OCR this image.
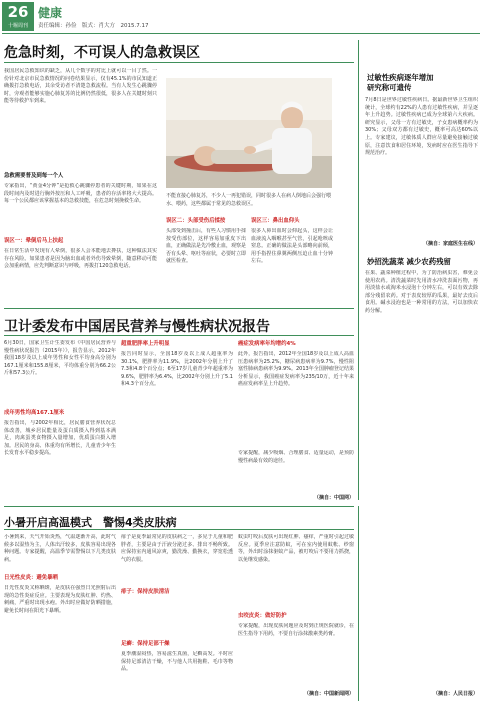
26
十堰周刊
健康
责任编辑：孙俭　版式：肖大方　2015.7.17
危急时刻，不可误人的急救误区
我国居民急救知识的缺乏，从几个数字的对比上就可以一目了然。一份针对北京市民急救情况的问卷结果显示，仅有45.1%的市民知道正确拨打急救电话，其余受访者不清楚急救流程。当有人发生心跳骤停时，旁观者能够实施心肺复苏的比例仍然很低，很多人在关键时刻只能等待救护车到来。
急救需要普及到每一个人
专家指出，“黄金4分钟”是抢救心跳骤停患者的关键时期，如果在这段时间内及时进行胸外按压和人工呼吸，患者的存活率将大大提高。每一个公民都应该掌握基本的急救技能，在危急时刻挽救生命。
误区一：晕倒后马上扶起
在日常生活中发现有人晕倒，很多人会本能地去搀扶，这种做法其实存在风险。如果患者是因为脑出血或者外伤导致晕倒，随意移动可能会加重病情，应先判断意识与呼吸，再拨打120急救电话。
不能直接心肺复苏，不少人一再犯错误，同时很多人在病人倒地后会强行喂水、喂药，这些都属于常见的急救误区。
误区二：头部受伤后揉按
头部受到撞击后，有些人习惯用手揉按受伤部位，这样容易加重皮下出血，正确做法是先冷敷止血，观察是否有头晕、呕吐等症状，必要时立即就医检查。
误区三：鼻出血仰头
很多人鼻出血时会仰起头，这样会让血液流入咽喉甚至气管，引起呛咳或窒息。正确的做法是头部略向前倾，用手指捏住鼻翼两侧压迫止血十分钟左右。
过敏性疾病逐年增加
研究称可遗传
7月8日是世界过敏性疾病日。据最新世界卫生组织统计，全球约有22%的人患有过敏性疾病，并呈逐年上升趋势。过敏性疾病已成为全球第六大疾病。研究显示，父母一方有过敏史，子女患病概率约为30%；父母双方都有过敏史，概率可高达60%以上。专家建议，过敏体质人群应尽量避免接触过敏原，注意饮食和居住环境，发病时应在医生指导下规范治疗。
（摘自：家庭医生在线）
妙招洗蔬菜 减少农药残留
在果、蔬菜种植过程中，为了防治病虫害，难免会使用农药。清洗蔬菜时先用清水冲洗表面污物，再用淡盐水或淘米水浸泡十分钟左右，可以有效去除部分残留农药。对于表皮较厚的瓜果，最好去皮后食用。碱水浸泡也是一种常用的方法，可以加快农药分解。
（摘自：人民日报）
卫计委发布中国居民营养与慢性病状况报告
6月30日，国家卫生计生委发布《中国居民营养与慢性病状况报告（2015年）》，报告显示，2012年我国18岁及以上成年男性和女性平均身高分别为167.1厘米和155.8厘米，平均体重分别为66.2公斤和57.3公斤。
成年男性均高167.1厘米
报告指出，与2002年相比，居民膳食营养状况总体改善，城乡居民能量及蛋白质摄入得到基本满足，肉禽蛋类食物摄入量增加，优质蛋白摄入增加。居民的身高、体重均有所增长，儿童青少年生长发育水平稳步提高。
超重肥胖率上升明显
报告同时显示，全国18岁及以上成人超重率为30.1%，肥胖率为11.9%，比2002年分别上升了7.3和4.8个百分点；6至17岁儿童青少年超重率为9.6%，肥胖率为6.4%，比2002年分别上升了5.1和4.3个百分点。
癌症发病率年均增约4%
此外，报告指出，2012年全国18岁及以上成人高血压患病率为25.2%，糖尿病患病率为9.7%，慢性阻塞性肺病患病率为9.9%。2013年全国肿瘤登记结果分析显示，我国癌症发病率为235/10万，近十年来癌症发病率呈上升趋势。
专家提醒，减少吸烟、合理膳食、适量运动，是预防慢性病最有效的途径。
（摘自：中国网）
小暑开启高温模式　警惕4类皮肤病
小暑到来，天气开始炎热，气温逐渐升高，此时气候多以湿热为主，人体出汗较多，皮肤容易出现各种问题。专家提醒，高温季节需警惕以下几类皮肤病。
日光性皮炎：避免暴晒
日光性皮炎又称晒斑，是皮肤在强烈日光照射后出现的急性炎症反应。主要表现为皮肤红肿、灼热、刺痛，严重时出现水疱。外出时应做好防晒措施，避免长时间在阳光下暴晒。
痱子是夏季最常见的皮肤病之一，多见于儿童和肥胖者，主要是由于汗液分泌过多、排出不畅所致。应保持室内通风凉爽，勤洗澡、勤换衣，穿宽松透气的衣服。
痱子：保持皮肤清洁
足癣：保持足部干燥
夏季潮湿闷热，容易滋生真菌，足癣高发。平时应保持足部清洁干燥，不与他人共用拖鞋、毛巾等物品。
蚊虫叮咬后皮肤可出现红肿、瘙痒，严重时引起过敏反应。夏季应注意防蚊，可在室内使用蚊帐、纱窗等，外出时涂抹驱蚊产品，被叮咬后不要用力抓挠，以免继发感染。
虫咬皮炎：做好防护
专家提醒，出现皮肤问题应及时到正规医院就诊，在医生指导下用药，不要自行涂抹激素类药膏。
（摘自：中国新闻网）
